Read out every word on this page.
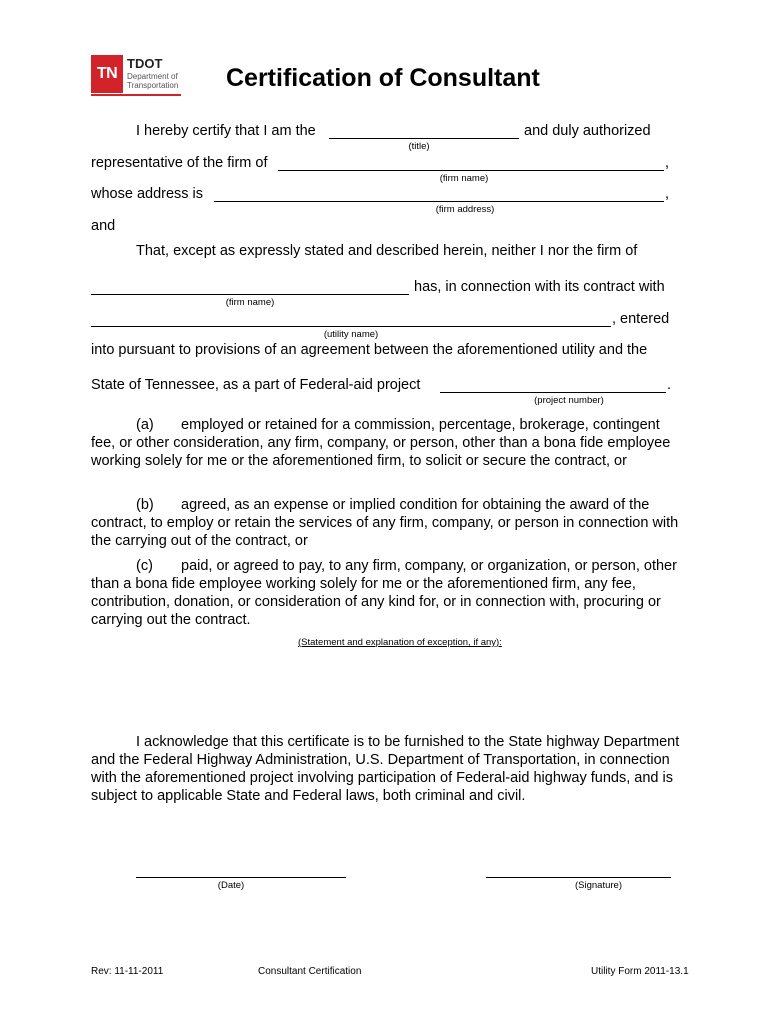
TN
TDOT
Department of
Transportation	Certification of Consultant
I hereby certify that I am the	and duly authorized
(title)
representative of the firm of	,
(firm name)
whose address is	,
(firm address)
and
That, except as expressly stated and described herein, neither I nor the firm of
has, in connection with its contract with
(firm name)
, entered
(utility name)
into pursuant to provisions of an agreement between the aforementioned utility and the
State of Tennessee, as a part of Federal-aid project	.
(project number)
(a) employed or retained for a commission, percentage, brokerage, contingent fee, or other consideration, any firm, company, or person, other than a bona fide employee working solely for me or the aforementioned firm, to solicit or secure the contract, or
(b) agreed, as an expense or implied condition for obtaining the award of the contract, to employ or retain the services of any firm, company, or person in connection with the carrying out of the contract, or
(c) paid, or agreed to pay, to any firm, company, or organization, or person, other than a bona fide employee working solely for me or the aforementioned firm, any fee, contribution, donation, or consideration of any kind for, or in connection with, procuring or carrying out the contract.
(Statement and explanation of exception, if any):
I acknowledge that this certificate is to be furnished to the State highway Department and the Federal Highway Administration, U.S. Department of Transportation, in connection with the aforementioned project involving participation of Federal-aid highway funds, and is subject to applicable State and Federal laws, both criminal and civil.
(Date)	(Signature)
Rev: 11-11-2011	Consultant Certification	Utility Form 2011-13.1
